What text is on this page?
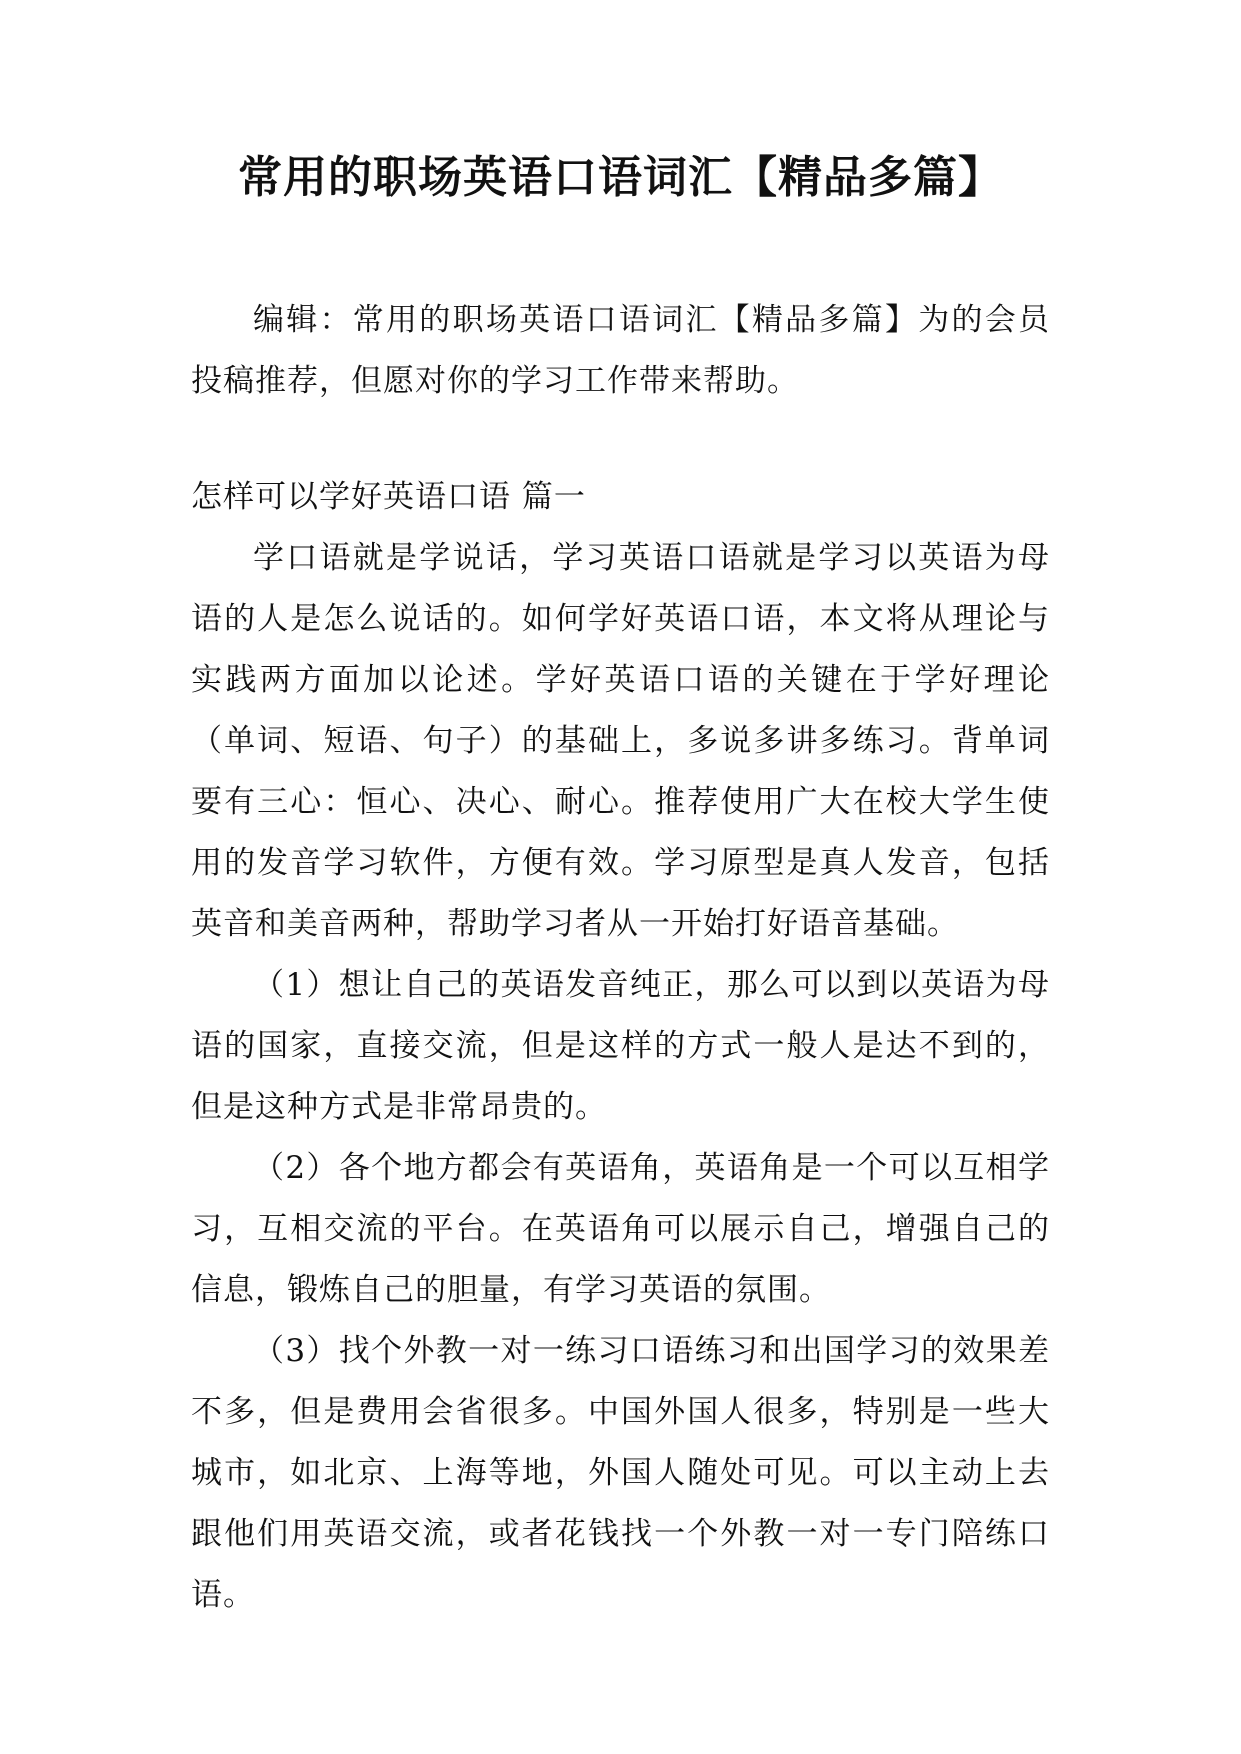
常用的职场英语口语词汇【精品多篇】

编辑：常用的职场英语口语词汇【精品多篇】为的会员投稿推荐，但愿对你的学习工作带来帮助。

怎样可以学好英语口语 篇一

学口语就是学说话，学习英语口语就是学习以英语为母语的人是怎么说话的。如何学好英语口语，本文将从理论与实践两方面加以论述。学好英语口语的关键在于学好理论（单词、短语、句子）的基础上，多说多讲多练习。背单词要有三心：恒心、决心、耐心。推荐使用广大在校大学生使用的发音学习软件，方便有效。学习原型是真人发音，包括英音和美音两种，帮助学习者从一开始打好语音基础。

（1）想让自己的英语发音纯正，那么可以到以英语为母语的国家，直接交流，但是这样的方式一般人是达不到的，但是这种方式是非常昂贵的。

（2）各个地方都会有英语角，英语角是一个可以互相学习，互相交流的平台。在英语角可以展示自己，增强自己的信息，锻炼自己的胆量，有学习英语的氛围。

（3）找个外教一对一练习口语练习和出国学习的效果差不多，但是费用会省很多。中国外国人很多，特别是一些大城市，如北京、上海等地，外国人随处可见。可以主动上去跟他们用英语交流，或者花钱找一个外教一对一专门陪练口语。
